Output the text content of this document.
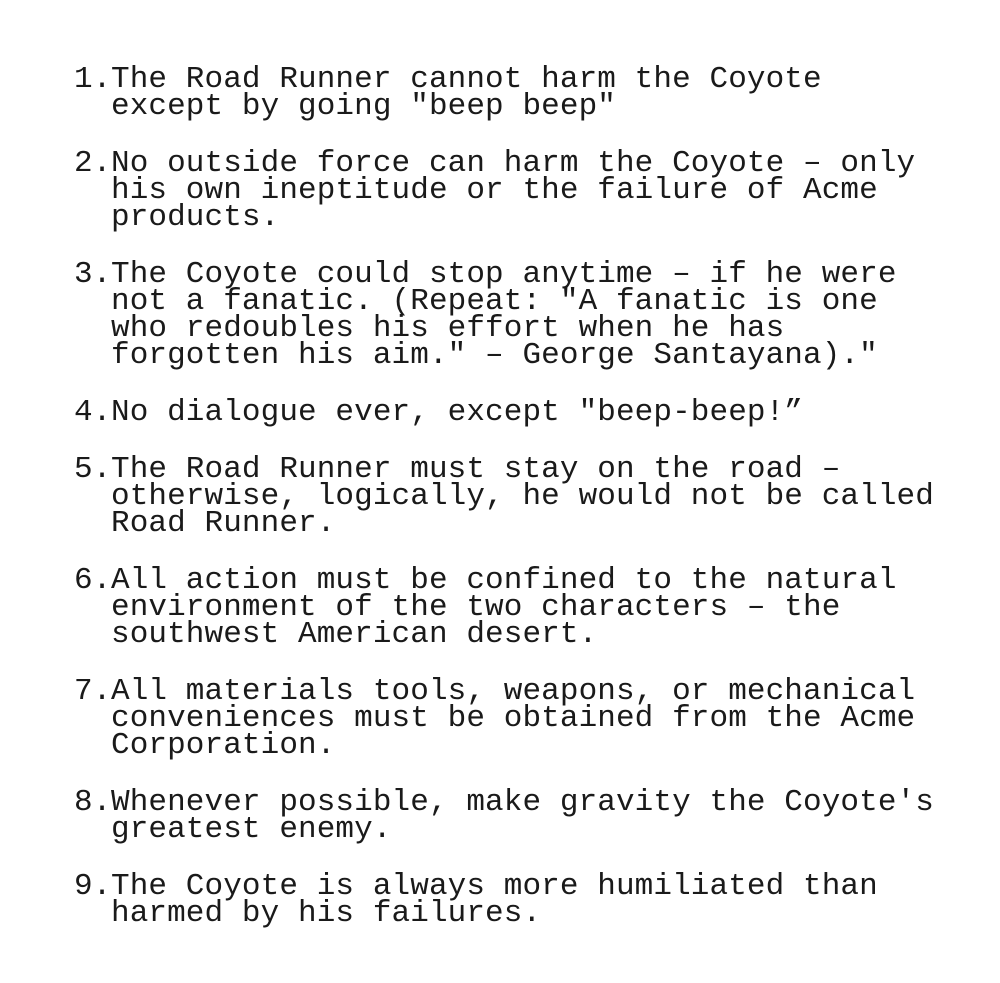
1. The Road Runner cannot harm the Coyote
except by going "beep beep"
2. No outside force can harm the Coyote – only
his own ineptitude or the failure of Acme
products.
3. The Coyote could stop anytime – if he were
not a fanatic. (Repeat: "A fanatic is one
who redoubles his effort when he has
forgotten his aim." – George Santayana)."
4. No dialogue ever, except "beep-beep!”
5. The Road Runner must stay on the road –
otherwise, logically, he would not be called
Road Runner.
6. All action must be confined to the natural
environment of the two characters – the
southwest American desert.
7. All materials tools, weapons, or mechanical
conveniences must be obtained from the Acme
Corporation.
8. Whenever possible, make gravity the Coyote's
greatest enemy.
9. The Coyote is always more humiliated than
harmed by his failures.
